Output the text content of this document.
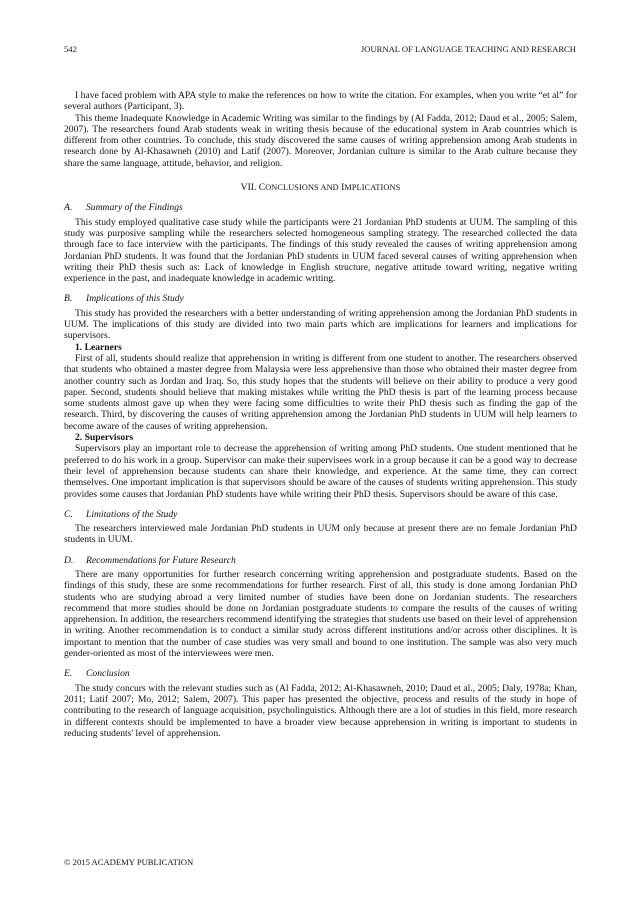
542	JOURNAL OF LANGUAGE TEACHING AND RESEARCH

I have faced problem with APA style to make the references on how to write the citation. For examples, when you write “et al” for several authors (Participant, 3).

This theme Inadequate Knowledge in Academic Writing was similar to the findings by (Al Fadda, 2012; Daud et al., 2005; Salem, 2007). The researchers found Arab students weak in writing thesis because of the educational system in Arab countries which is different from other countries. To conclude, this study discovered the same causes of writing apprehension among Arab students in research done by Al-Khasawneh (2010) and Latif (2007). Moreover, Jordanian culture is similar to the Arab culture because they share the same language, attitude, behavior, and religion.

VII. CONCLUSIONS AND IMPLICATIONS
A. Summary of the Findings

This study employed qualitative case study while the participants were 21 Jordanian PhD students at UUM. The sampling of this study was purposive sampling while the researchers selected homogeneous sampling strategy. The researched collected the data through face to face interview with the participants. The findings of this study revealed the causes of writing apprehension among Jordanian PhD students. It was found that the Jordanian PhD students in UUM faced several causes of writing apprehension when writing their PhD thesis such as: Lack of knowledge in English structure, negative attitude toward writing, negative writing experience in the past, and inadequate knowledge in academic writing.

B. Implications of this Study

This study has provided the researchers with a better understanding of writing apprehension among the Jordanian PhD students in UUM. The implications of this study are divided into two main parts which are implications for learners and implications for supervisors.

1. Learners

First of all, students should realize that apprehension in writing is different from one student to another. The researchers observed that students who obtained a master degree from Malaysia were less apprehensive than those who obtained their master degree from another country such as Jordan and Iraq. So, this study hopes that the students will believe on their ability to produce a very good paper. Second, students should believe that making mistakes while writing the PhD thesis is part of the learning process because some students almost gave up when they were facing some difficulties to write their PhD thesis such as finding the gap of the research. Third, by discovering the causes of writing apprehension among the Jordanian PhD students in UUM will help learners to become aware of the causes of writing apprehension.

2. Supervisors

Supervisors play an important role to decrease the apprehension of writing among PhD students. One student mentioned that he preferred to do his work in a group. Supervisor can make their supervisees work in a group because it can be a good way to decrease their level of apprehension because students can share their knowledge, and experience. At the same time, they can correct themselves. One important implication is that supervisors should be aware of the causes of students writing apprehension. This study provides some causes that Jordanian PhD students have while writing their PhD thesis. Supervisors should be aware of this case.

C. Limitations of the Study

The researchers interviewed male Jordanian PhD students in UUM only because at present there are no female Jordanian PhD students in UUM.

D. Recommendations for Future Research

There are many opportunities for further research concerning writing apprehension and postgraduate students. Based on the findings of this study, these are some recommendations for further research. First of all, this study is done among Jordanian PhD students who are studying abroad a very limited number of studies have been done on Jordanian students. The researchers recommend that more studies should be done on Jordanian postgraduate students to compare the results of the causes of writing apprehension. In addition, the researchers recommend identifying the strategies that students use based on their level of apprehension in writing. Another recommendation is to conduct a similar study across different institutions and/or across other disciplines. It is important to mention that the number of case studies was very small and bound to one institution. The sample was also very much gender-oriented as most of the interviewees were men.

E. Conclusion

The study concurs with the relevant studies such as (Al Fadda, 2012; Al-Khasawneh, 2010; Daud et al., 2005; Daly, 1978a; Khan, 2011; Latif 2007; Mo, 2012; Salem, 2007). This paper has presented the objective, process and results of the study in hope of contributing to the research of language acquisition, psycholinguistics. Although there are a lot of studies in this field, more research in different contexts should be implemented to have a broader view because apprehension in writing is important to students in reducing students' level of apprehension.

© 2015 ACADEMY PUBLICATION
